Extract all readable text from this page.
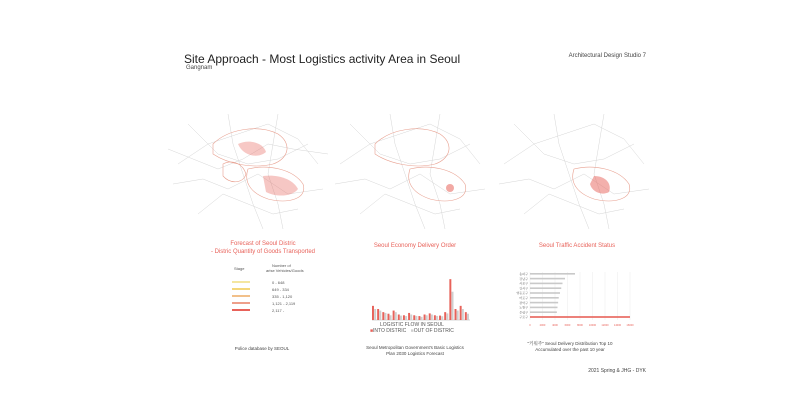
Site Approach - Most Logistics activity Area in Seoul
Gangnam
Architectural Design Studio 7
Forecast of Seoul Distric
- Distric Quantity of Goods Transported
Seoul Economy Delivery Order	Seoul Traffic Accident Status
Stage
Number of
arise Vehicles/Goods
0 - 648
649 - 334
335 - 1,120
1,121 - 2,119
2,117 -
Police database by SEOUL
LOGISTIC FLOW IN SEOUL
■INTO DISTRIC ■OUT OF DISTRIC
Seoul Metropolitan Government's Basic Logistics
Plan 2030 Logistics Forecast
0	2000	4000	6000	8000 10000 12000 14000 16000
송파구
강남구
서초구
강서구
영등포구
마포구
관악구
노원구
은평구
구로구
"키워주" Seoul Delivery Distribution Top 10
Accumulated over the past 10 year
2021 Spring & JHG - DYK
